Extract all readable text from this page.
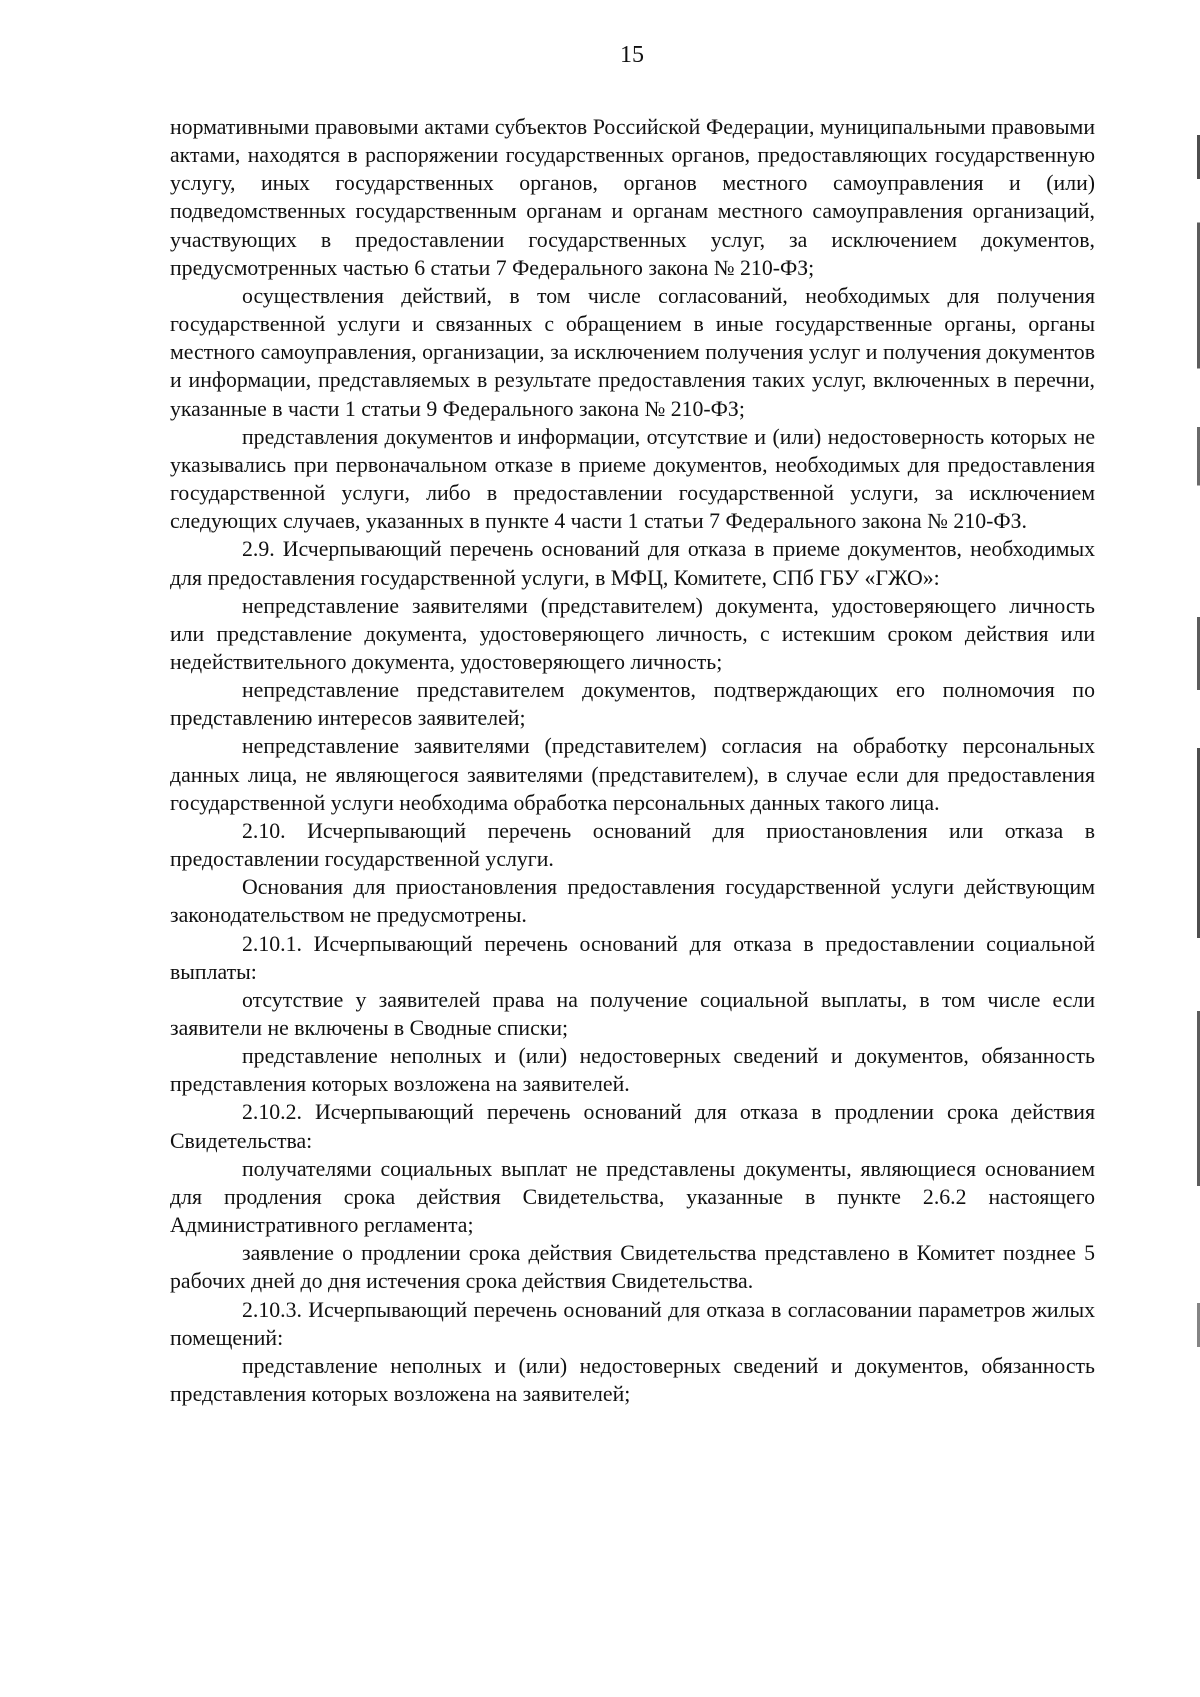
15

нормативными правовыми актами субъектов Российской Федерации, муниципальными правовыми актами, находятся в распоряжении государственных органов, предоставляющих государственную услугу, иных государственных органов, органов местного самоуправления и (или) подведомственных государственным органам и органам местного самоуправления организаций, участвующих в предоставлении государственных услуг, за исключением документов, предусмотренных частью 6 статьи 7 Федерального закона № 210-ФЗ;

осуществления действий, в том числе согласований, необходимых для получения государственной услуги и связанных с обращением в иные государственные органы, органы местного самоуправления, организации, за исключением получения услуг и получения документов и информации, представляемых в результате предоставления таких услуг, включенных в перечни, указанные в части 1 статьи 9 Федерального закона № 210-ФЗ;

представления документов и информации, отсутствие и (или) недостоверность которых не указывались при первоначальном отказе в приеме документов, необходимых для предоставления государственной услуги, либо в предоставлении государственной услуги, за исключением следующих случаев, указанных в пункте 4 части 1 статьи 7 Федерального закона № 210-ФЗ.

2.9. Исчерпывающий перечень оснований для отказа в приеме документов, необходимых для предоставления государственной услуги, в МФЦ, Комитете, СПб ГБУ «ГЖО»:

непредставление заявителями (представителем) документа, удостоверяющего личность или представление документа, удостоверяющего личность, с истекшим сроком действия или недействительного документа, удостоверяющего личность;

непредставление представителем документов, подтверждающих его полномочия по представлению интересов заявителей;

непредставление заявителями (представителем) согласия на обработку персональных данных лица, не являющегося заявителями (представителем), в случае если для предоставления государственной услуги необходима обработка персональных данных такого лица.

2.10. Исчерпывающий перечень оснований для приостановления или отказа в предоставлении государственной услуги.

Основания для приостановления предоставления государственной услуги действующим законодательством не предусмотрены.

2.10.1. Исчерпывающий перечень оснований для отказа в предоставлении социальной выплаты:

отсутствие у заявителей права на получение социальной выплаты, в том числе если заявители не включены в Сводные списки;

представление неполных и (или) недостоверных сведений и документов, обязанность представления которых возложена на заявителей.

2.10.2. Исчерпывающий перечень оснований для отказа в продлении срока действия Свидетельства:

получателями социальных выплат не представлены документы, являющиеся основанием для продления срока действия Свидетельства, указанные в пункте 2.6.2 настоящего Административного регламента;

заявление о продлении срока действия Свидетельства представлено в Комитет позднее 5 рабочих дней до дня истечения срока действия Свидетельства.

2.10.3. Исчерпывающий перечень оснований для отказа в согласовании параметров жилых помещений:

представление неполных и (или) недостоверных сведений и документов, обязанность представления которых возложена на заявителей;
